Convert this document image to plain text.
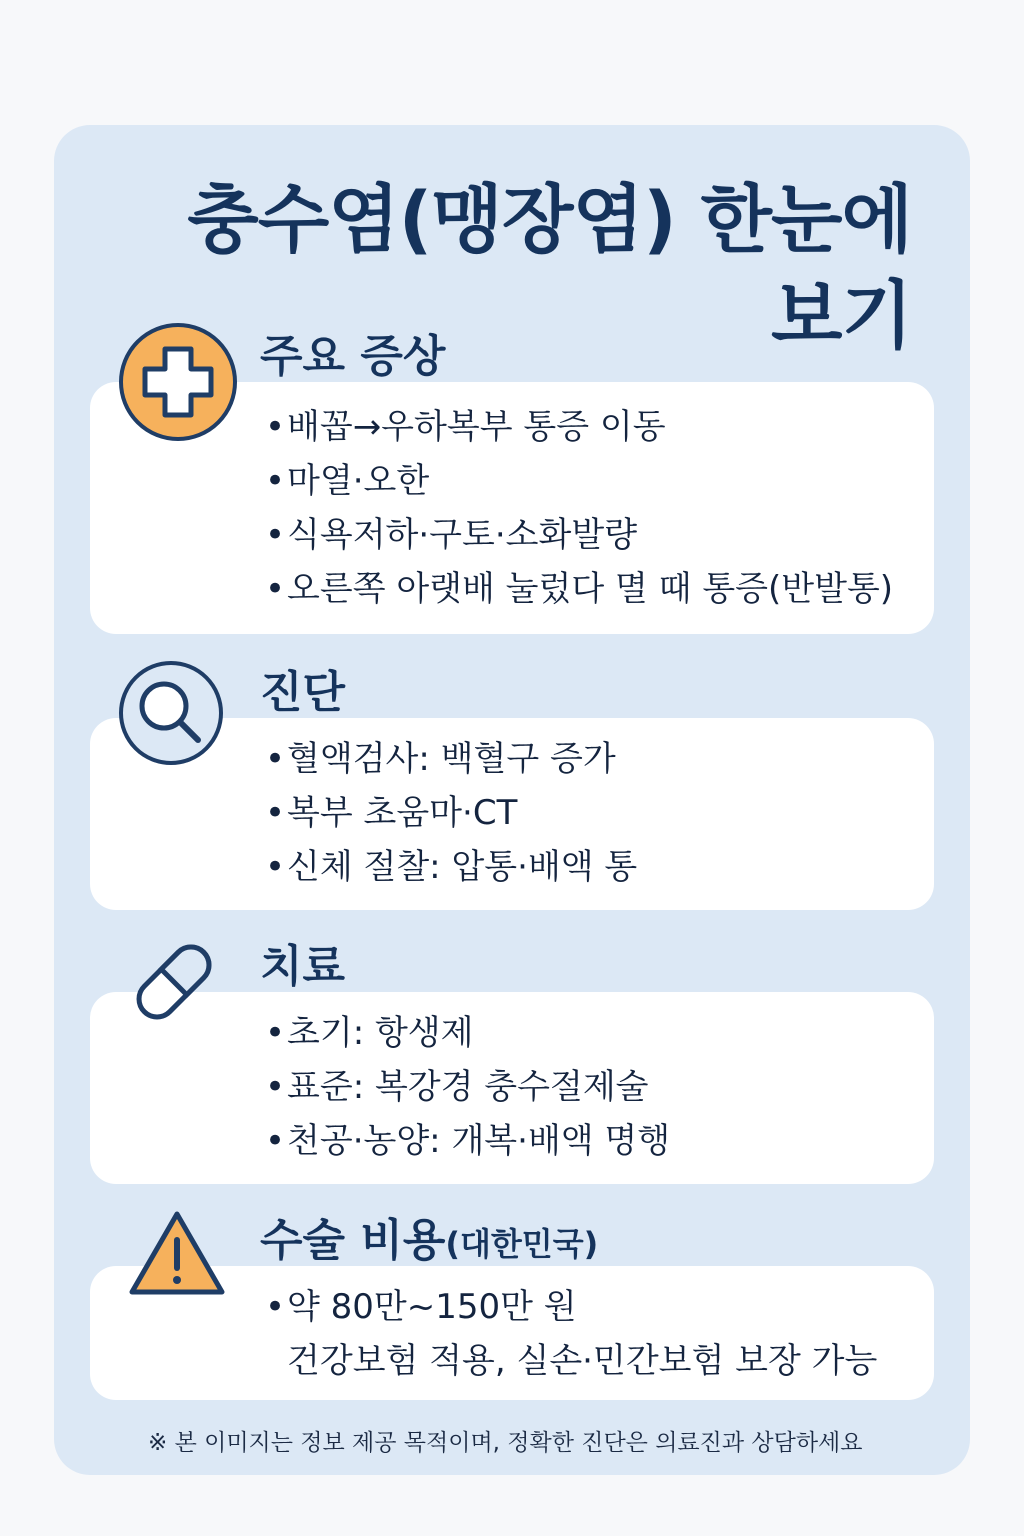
충수염(맹장염) 한눈에
보기
주요 증상
•배꼽→우하복부 통증 이동
•마열·오한
•식욕저하·구토·소화발량
•오른쪽 아랫배 눌렀다 멸 때 통증(반발통)
진단
•혈액검사: 백혈구 증가
•복부 초움마·CT
•신체 절찰: 압통·배액 통
치료
•초기: 항생제
•표준: 복강경 충수절제술
•천공·농양: 개복·배액 명행
수술 비용(대한민국)
•약 80만~150만 원
건강보험 적용, 실손·민간보험 보장 가능
※ 본 이미지는 정보 제공 목적이며, 정확한 진단은 의료진과 상담하세요
